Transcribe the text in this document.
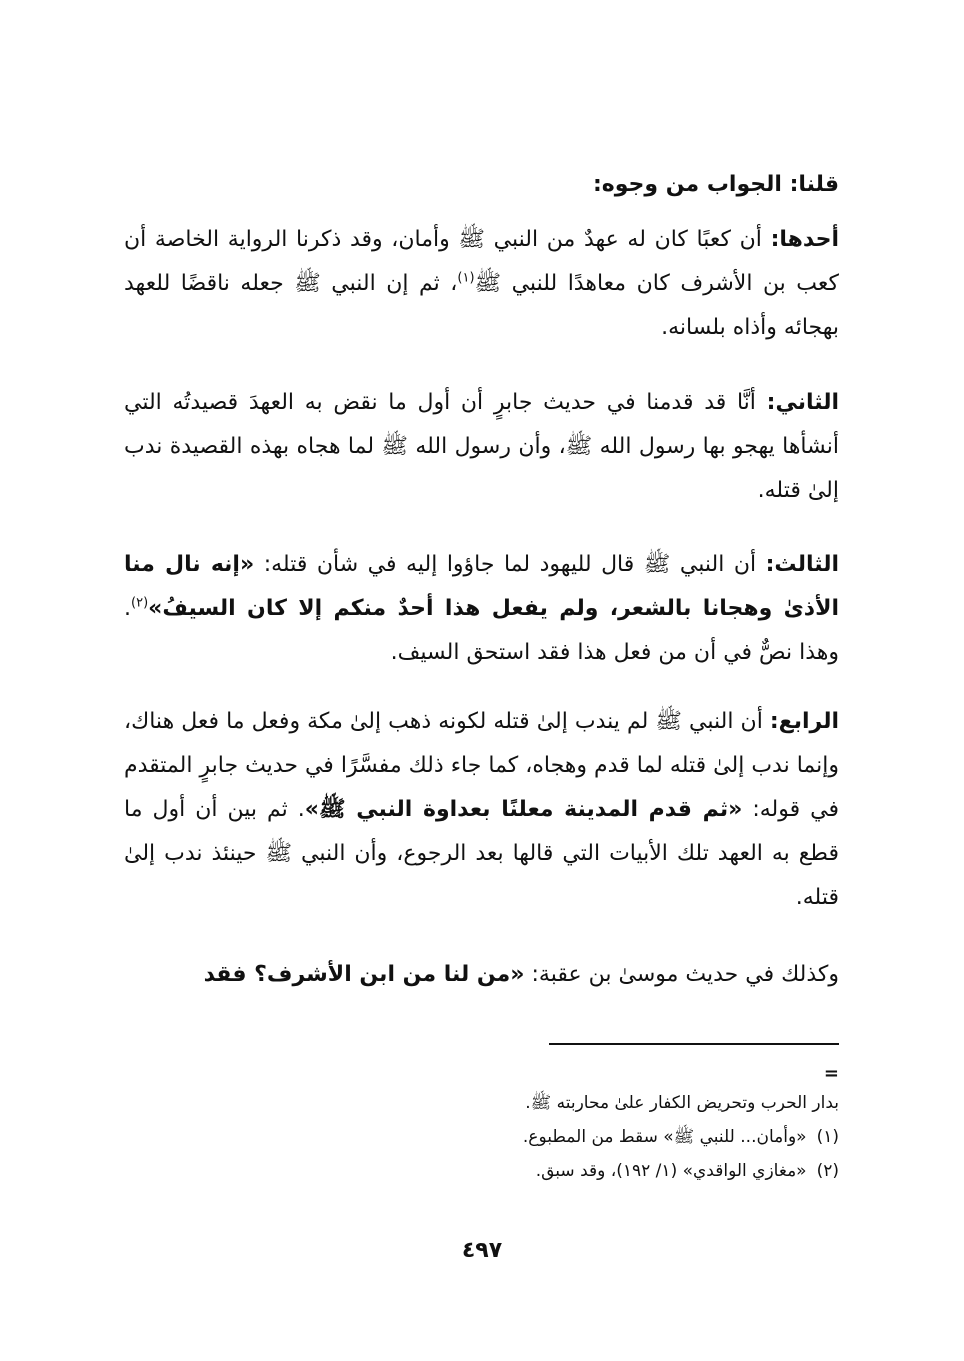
قلنا: الجواب من وجوه:

أحدها: أن كعبًا كان له عهدٌ من النبي ﷺ وأمان، وقد ذكرنا الرواية الخاصة أن كعب بن الأشرف كان معاهدًا للنبي ﷺ$^{(١)}$، ثم إن النبي ﷺ جعله ناقضًا للعهد بهجائه وأذاه بلسانه.

الثاني: أنَّا قد قدمنا في حديث جابرٍ أن أول ما نقض به العهدَ قصيدتُه التي أنشأها يهجو بها رسول الله ﷺ، وأن رسول الله ﷺ لما هجاه بهذه القصيدة ندب إلىٰ قتله.

الثالث: أن النبي ﷺ قال لليهود لما جاؤوا إليه في شأن قتله: «إنه نال منا الأذىٰ وهجانا بالشعر، ولم يفعل هذا أحدٌ منكم إلا كان السيفُ»$^{(٢)}$. وهذا نصٌّ في أن من فعل هذا فقد استحق السيف.

الرابع: أن النبي ﷺ لم يندب إلىٰ قتله لكونه ذهب إلىٰ مكة وفعل ما فعل هناك، وإنما ندب إلىٰ قتله لما قدم وهجاه، كما جاء ذلك مفسَّرًا في حديث جابرٍ المتقدم في قوله: «ثم قدم المدينة معلنًا بعداوة النبي ﷺ». ثم بين أن أول ما قطع به العهد تلك الأبيات التي قالها بعد الرجوع، وأن النبي ﷺ حينئذ ندب إلىٰ قتله.

وكذلك في حديث موسىٰ بن عقبة: «من لنا من ابن الأشرف؟ فقد

=
بدار الحرب وتحريض الكفار علىٰ محاربته ﷺ.
(١)«وأمان... للنبي ﷺ» سقط من المطبوع.
(٢)«مغازي الواقدي» (١/ ١٩٢)، وقد سبق.
٤٩٧
